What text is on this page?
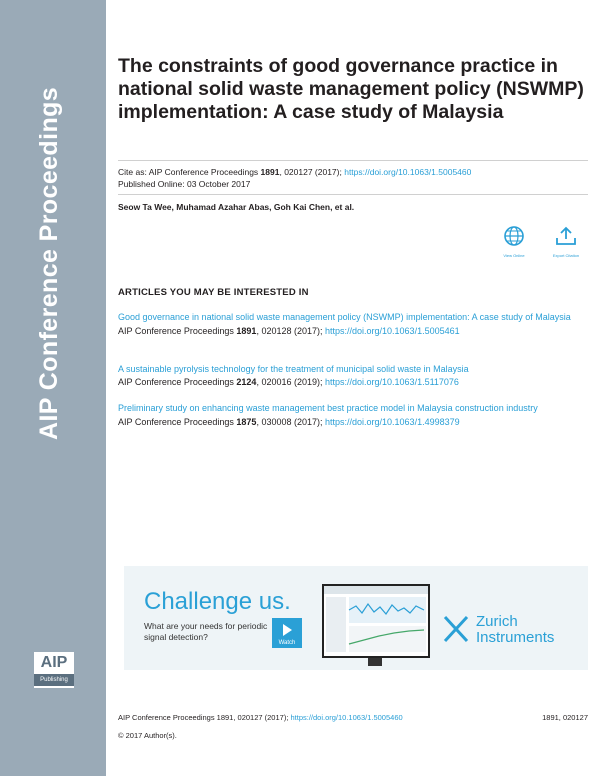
AIP Conference Proceedings
AIP
Publishing
The constraints of good governance practice in national solid waste management policy (NSWMP) implementation: A case study of Malaysia
Cite as: AIP Conference Proceedings 1891, 020127 (2017); https://doi.org/10.1063/1.5005460
Published Online: 03 October 2017
Seow Ta Wee, Muhamad Azahar Abas, Goh Kai Chen, et al.
View Online	Export Citation
ARTICLES YOU MAY BE INTERESTED IN
Good governance in national solid waste management policy (NSWMP) implementation: A case study of Malaysia
AIP Conference Proceedings 1891, 020128 (2017); https://doi.org/10.1063/1.5005461
A sustainable pyrolysis technology for the treatment of municipal solid waste in Malaysia
AIP Conference Proceedings 2124, 020016 (2019); https://doi.org/10.1063/1.5117076
Preliminary study on enhancing waste management best practice model in Malaysia construction industry
AIP Conference Proceedings 1875, 030008 (2017); https://doi.org/10.1063/1.4998379
Challenge us.
What are your needs for periodic signal detection?
Watch
Zurich Instruments
AIP Conference Proceedings 1891, 020127 (2017); https://doi.org/10.1063/1.5005460	1891, 020127
© 2017 Author(s).
